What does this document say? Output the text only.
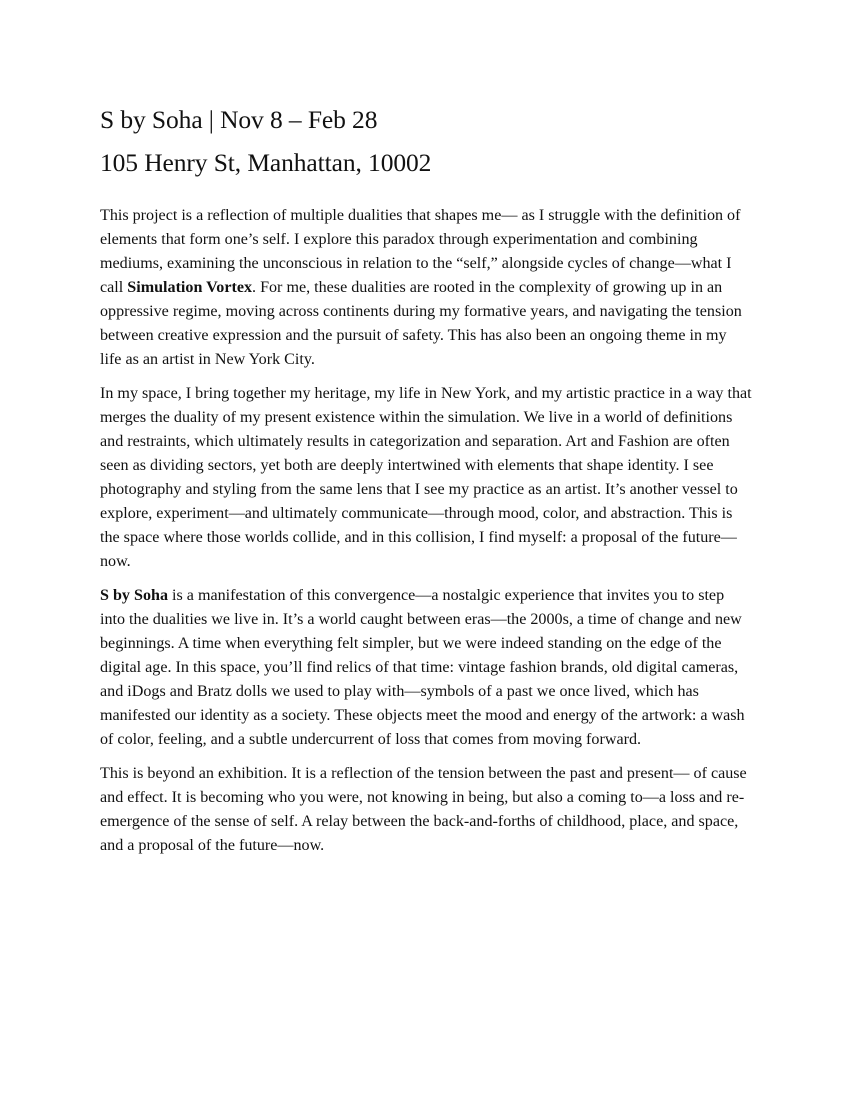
S by Soha | Nov 8 – Feb 28
105 Henry St, Manhattan, 10002

This project is a reflection of multiple dualities that shapes me— as I struggle with the definition of elements that form one’s self. I explore this paradox through experimentation and combining mediums, examining the unconscious in relation to the “self,” alongside cycles of change—what I call Simulation Vortex. For me, these dualities are rooted in the complexity of growing up in an oppressive regime, moving across continents during my formative years, and navigating the tension between creative expression and the pursuit of safety. This has also been an ongoing theme in my life as an artist in New York City.

In my space, I bring together my heritage, my life in New York, and my artistic practice in a way that merges the duality of my present existence within the simulation. We live in a world of definitions and restraints, which ultimately results in categorization and separation. Art and Fashion are often seen as dividing sectors, yet both are deeply intertwined with elements that shape identity. I see photography and styling from the same lens that I see my practice as an artist. It’s another vessel to explore, experiment—and ultimately communicate—through mood, color, and abstraction. This is the space where those worlds collide, and in this collision, I find myself: a proposal of the future—now.

S by Soha is a manifestation of this convergence—a nostalgic experience that invites you to step into the dualities we live in. It’s a world caught between eras—the 2000s, a time of change and new beginnings. A time when everything felt simpler, but we were indeed standing on the edge of the digital age. In this space, you’ll find relics of that time: vintage fashion brands, old digital cameras, and iDogs and Bratz dolls we used to play with—symbols of a past we once lived, which has manifested our identity as a society. These objects meet the mood and energy of the artwork: a wash of color, feeling, and a subtle undercurrent of loss that comes from moving forward.

This is beyond an exhibition. It is a reflection of the tension between the past and present— of cause and effect. It is becoming who you were, not knowing in being, but also a coming to—a loss and re-emergence of the sense of self. A relay between the back-and-forths of childhood, place, and space, and a proposal of the future—now.
